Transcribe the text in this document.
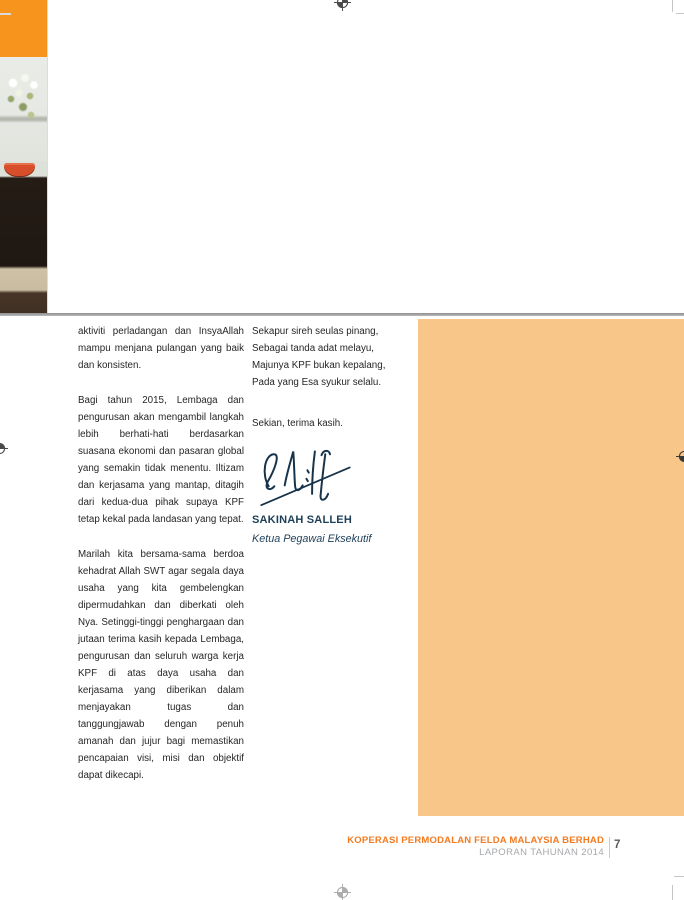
aktiviti perladangan dan InsyaAllah mampu menjana pulangan yang baik dan konsisten.

Bagi tahun 2015, Lembaga dan pengurusan akan mengambil langkah lebih berhati-hati berdasarkan suasana ekonomi dan pasaran global yang semakin tidak menentu. Iltizam dan kerjasama yang mantap, ditagih dari kedua-dua pihak supaya KPF tetap kekal pada landasan yang tepat.

Marilah kita bersama-sama berdoa kehadrat Allah SWT agar segala daya usaha yang kita gembelengkan dipermudahkan dan diberkati oleh Nya. Setinggi-tinggi penghargaan dan jutaan terima kasih kepada Lembaga, pengurusan dan seluruh warga kerja KPF di atas daya usaha dan kerjasama yang diberikan dalam menjayakan tugas dan tanggungjawab dengan penuh amanah dan jujur bagi memastikan pencapaian visi, misi dan objektif dapat dikecapi.

Sekapur sireh seulas pinang,
Sebagai tanda adat melayu,
Majunya KPF bukan kepalang,
Pada yang Esa syukur selalu.
Sekian, terima kasih.
SAKINAH SALLEH
Ketua Pegawai Eksekutif
KOPERASI PERMODALAN FELDA MALAYSIA BERHAD
LAPORAN TAHUNAN 2014
7
